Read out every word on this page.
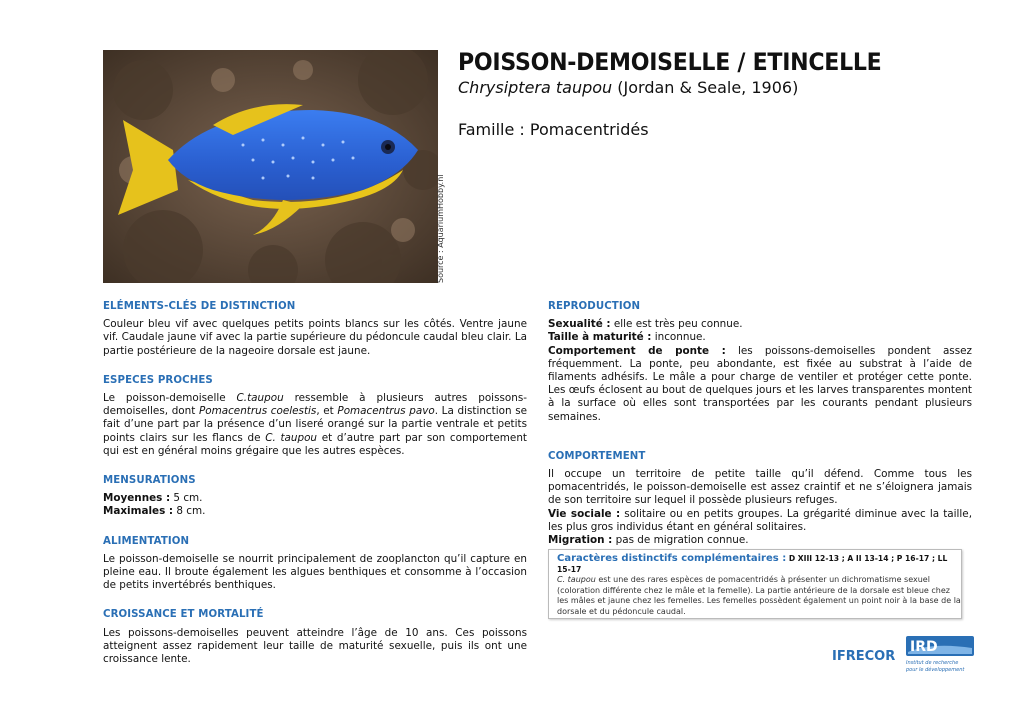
Source : AquariumHobby.nl
POISSON-DEMOISELLE / ETINCELLE
Chrysiptera taupou (Jordan & Seale, 1906)
Famille : Pomacentridés
ELÉMENTS-CLÉS DE DISTINCTION

Couleur bleu vif avec quelques petits points blancs sur les côtés. Ventre jaune vif. Caudale jaune vif avec la partie supérieure du pédoncule caudal bleu clair. La partie postérieure de la nageoire dorsale est jaune.

ESPECES PROCHES

Le poisson-demoiselle C.taupou ressemble à plusieurs autres poissons-demoiselles, dont Pomacentrus coelestis, et Pomacentrus pavo. La distinction se fait d’une part par la présence d’un liseré orangé sur la partie ventrale et petits points clairs sur les flancs de C. taupou et d’autre part par son comportement qui est en général moins grégaire que les autres espèces.

MENSURATIONS

Moyennes : 5 cm.
Maximales : 8 cm.

ALIMENTATION

Le poisson-demoiselle se nourrit principalement de zooplancton qu’il capture en pleine eau. Il broute également les algues benthiques et consomme à l’occasion de petits invertébrés benthiques.

CROISSANCE ET MORTALITÉ

Les poissons-demoiselles peuvent atteindre l’âge de 10 ans. Ces poissons atteignent assez rapidement leur taille de maturité sexuelle, puis ils ont une croissance lente.

REPRODUCTION

Sexualité : elle est très peu connue.
Taille à maturité : inconnue.
Comportement de ponte : les poissons-demoiselles pondent assez fréquemment. La ponte, peu abondante, est fixée au substrat à l’aide de filaments adhésifs. Le mâle a pour charge de ventiler et protéger cette ponte. Les œufs éclosent au bout de quelques jours et les larves transparentes montent à la surface où elles sont transportées par les courants pendant plusieurs semaines.

COMPORTEMENT

Il occupe un territoire de petite taille qu’il défend. Comme tous les pomacentridés, le poisson-demoiselle est assez craintif et ne s’éloignera jamais de son territoire sur lequel il possède plusieurs refuges.
Vie sociale : solitaire ou en petits groupes. La grégarité diminue avec la taille, les plus gros individus étant en général solitaires.
Migration : pas de migration connue.

Caractères distinctifs complémentaires : D XIII 12-13 ; A II 13-14 ; P 16-17 ; LL 15-17
C. taupou est une des rares espèces de pomacentridés à présenter un dichromatisme sexuel (coloration différente chez le mâle et la femelle). La partie antérieure de la dorsale est bleue chez les mâles et jaune chez les femelles. Les femelles possèdent également un point noir à la base de la dorsale et du pédoncule caudal.
IFRECOR
IRD
Institut de recherche
pour le développement
